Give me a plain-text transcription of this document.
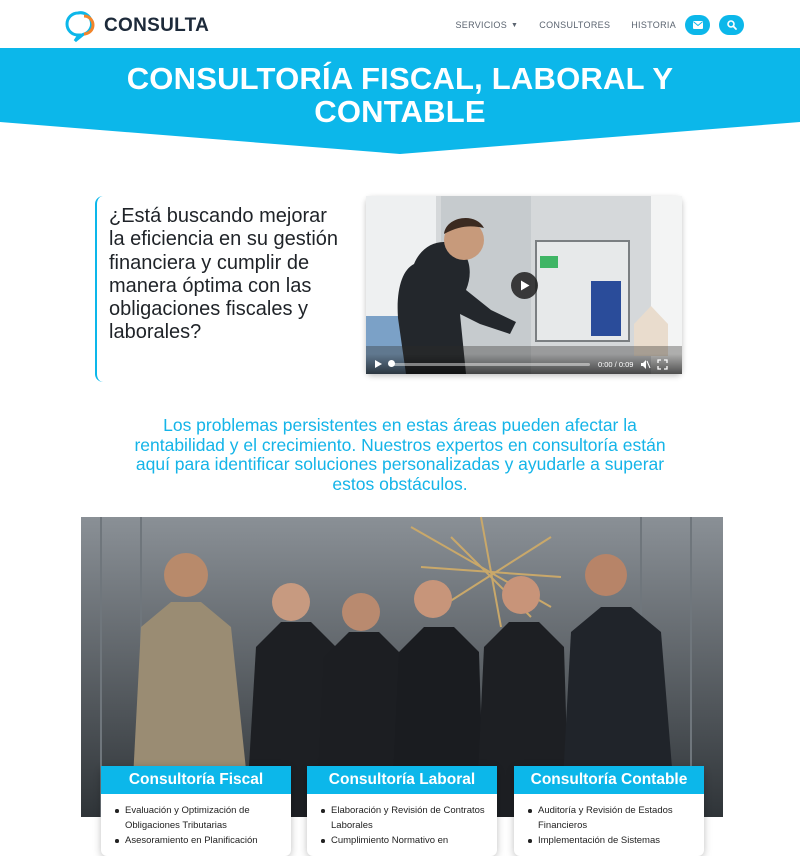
CONSULTA	SERVICIOS ▼ CONSULTORES HISTORIA
CONSULTORÍA FISCAL, LABORAL Y CONTABLE

¿Está buscando mejorar la eficiencia en su gestión financiera y cumplir de manera óptima con las obligaciones fiscales y laborales?

0:00 / 0:09

Los problemas persistentes en estas áreas pueden afectar la rentabilidad y el crecimiento. Nuestros expertos en consultoría están aquí para identificar soluciones personalizadas y ayudarle a superar estos obstáculos.

Consultoría Fiscal
Evaluación y Optimización de
Obligaciones Tributarias
Asesoramiento en Planificación
Consultoría Laboral
Elaboración y Revisión de Contratos
Laborales
Cumplimiento Normativo en
Consultoría Contable
Auditoría y Revisión de Estados
Financieros
Implementación de Sistemas
